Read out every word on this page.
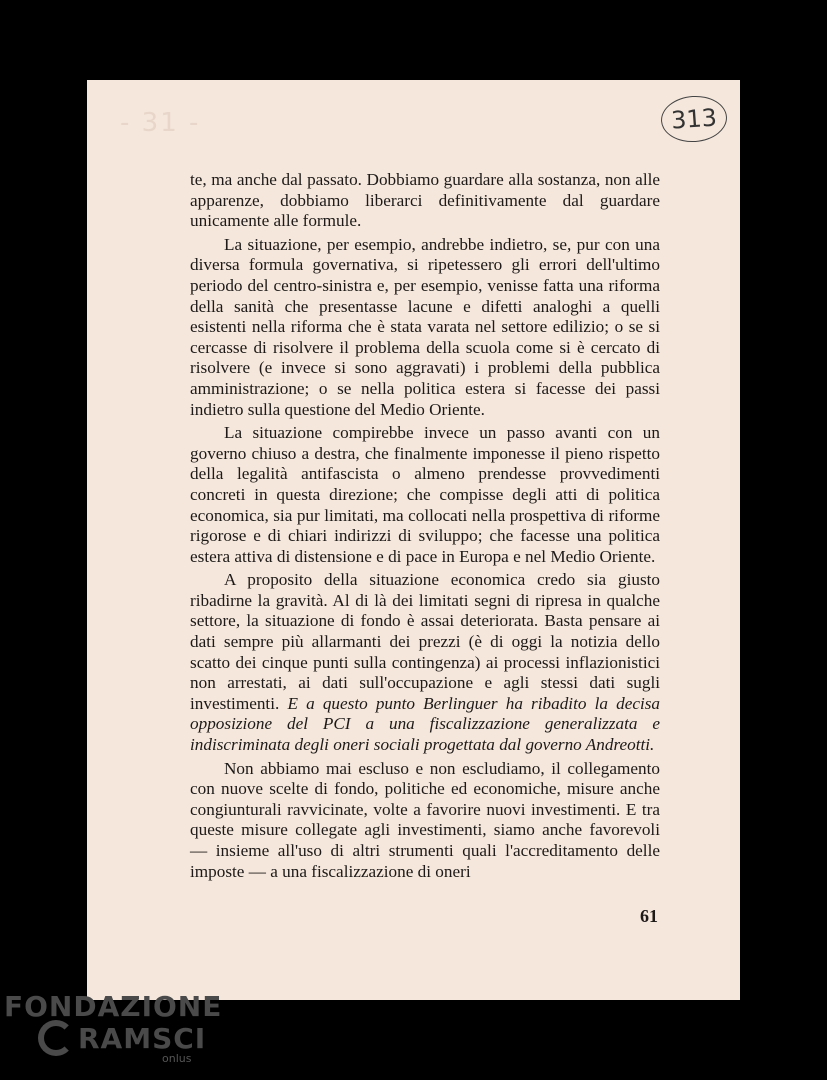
- 31 -	313

te, ma anche dal passato. Dobbiamo guardare alla sostanza, non alle apparenze, dobbiamo liberarci definitivamente dal guardare unicamente alle formule.

La situazione, per esempio, andrebbe indietro, se, pur con una diversa formula governativa, si ripetessero gli errori dell'ultimo periodo del centro-sinistra e, per esempio, venisse fatta una riforma della sanità che presentasse lacune e difetti analoghi a quelli esistenti nella riforma che è stata varata nel settore edilizio; o se si cercasse di risolvere il problema della scuola come si è cercato di risolvere (e invece si sono aggravati) i problemi della pubblica amministrazione; o se nella politica estera si facesse dei passi indietro sulla questione del Medio Oriente.

La situazione compirebbe invece un passo avanti con un governo chiuso a destra, che finalmente imponesse il pieno rispetto della legalità antifascista o almeno prendesse provvedimenti concreti in questa direzione; che compisse degli atti di politica economica, sia pur limitati, ma collocati nella prospettiva di riforme rigorose e di chiari indirizzi di sviluppo; che facesse una politica estera attiva di distensione e di pace in Europa e nel Medio Oriente.

A proposito della situazione economica credo sia giusto ribadirne la gravità. Al di là dei limitati segni di ripresa in qualche settore, la situazione di fondo è assai deteriorata. Basta pensare ai dati sempre più allarmanti dei prezzi (è di oggi la notizia dello scatto dei cinque punti sulla contingenza) ai processi inflazionistici non arrestati, ai dati sull'occupazione e agli stessi dati sugli investimenti. E a questo punto Berlinguer ha ribadito la decisa opposizione del PCI a una fiscalizzazione generalizzata e indiscriminata degli oneri sociali progettata dal governo Andreotti.

Non abbiamo mai escluso e non escludiamo, il collegamento con nuove scelte di fondo, politiche ed economiche, misure anche congiunturali ravvicinate, volte a favorire nuovi investimenti. E tra queste misure collegate agli investimenti, siamo anche favorevoli — insieme all'uso di altri strumenti quali l'accreditamento delle imposte — a una fiscalizzazione di oneri

61
FONDAZIONE
RAMSCI
onlus
